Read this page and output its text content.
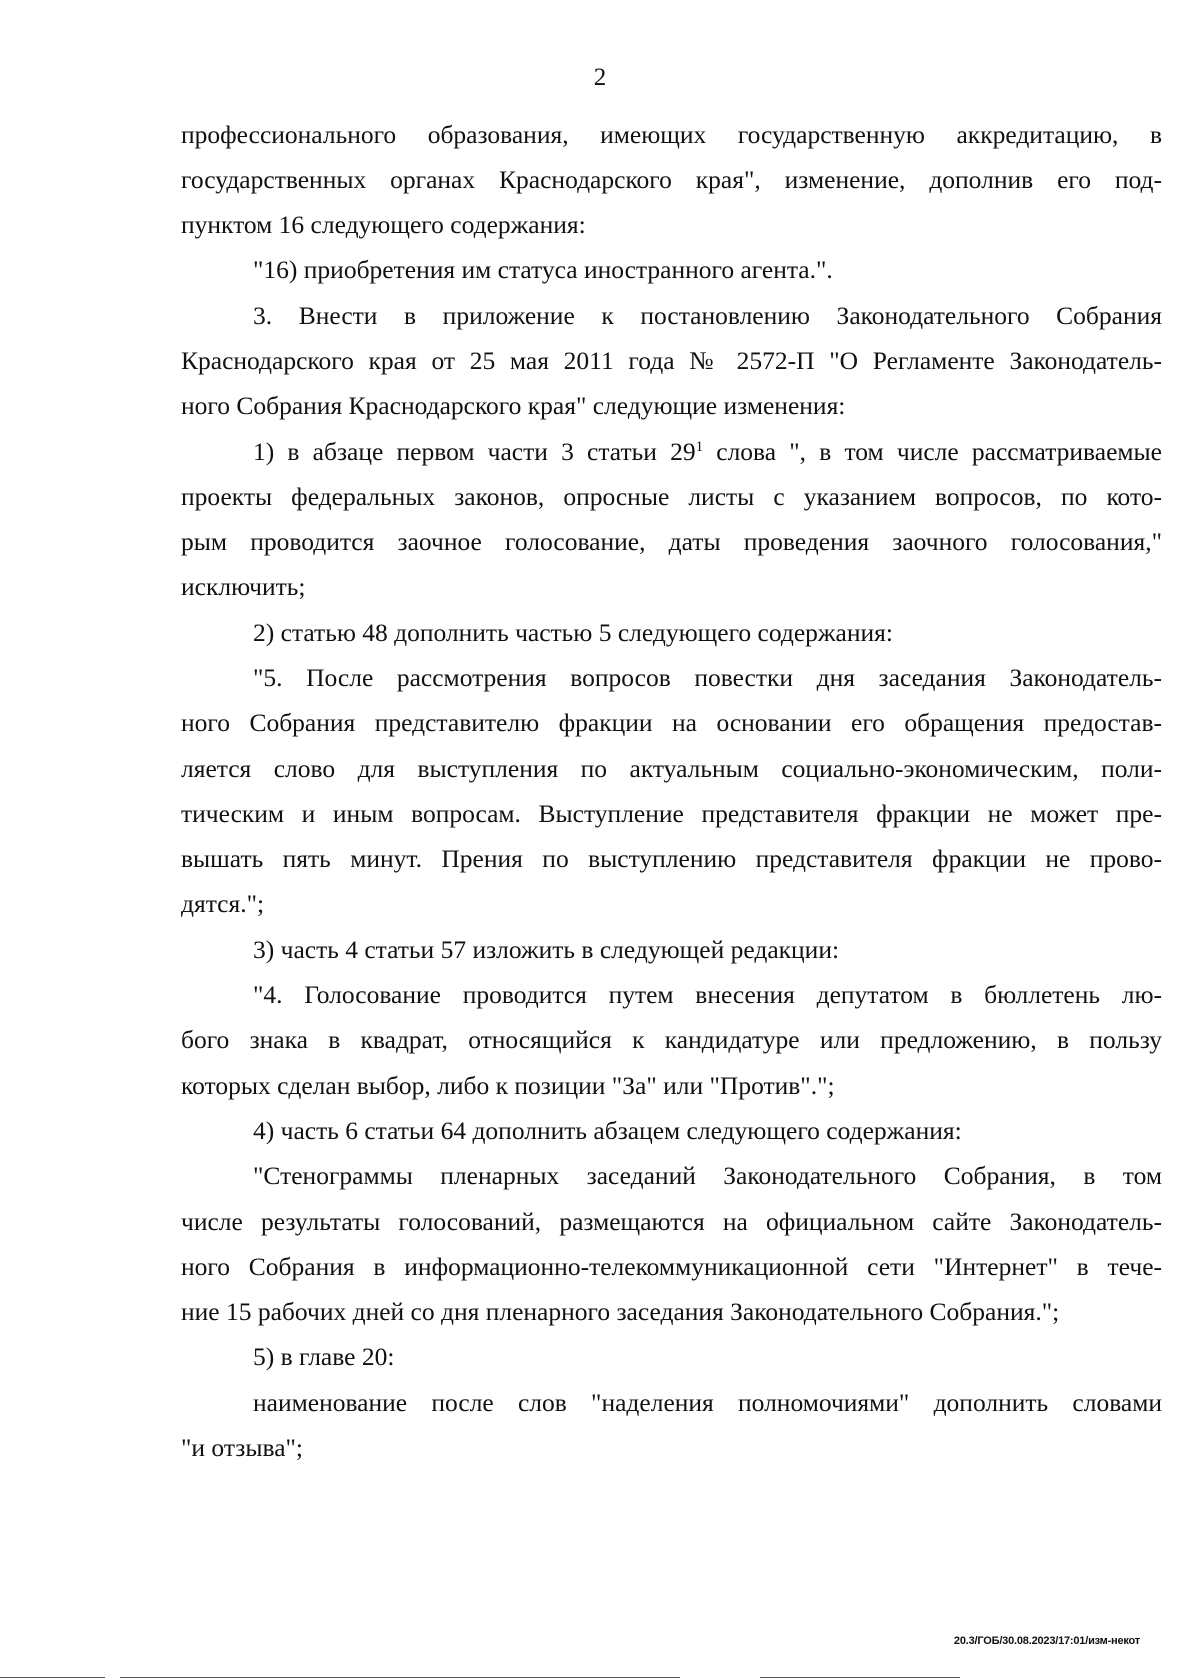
2
профессионального образования, имеющих государственную аккредитацию, в
государственных органах Краснодарского края", изменение, дополнив его под-
пунктом 16 следующего содержания:
"16) приобретения им статуса иностранного агента.".
3. Внести в приложение к постановлению Законодательного Собрания
Краснодарского края от 25 мая 2011 года № 2572-П "О Регламенте Законодатель-
ного Собрания Краснодарского края" следующие изменения:
1) в абзаце первом части 3 статьи $29^1$ слова ", в том числе рассматриваемые
проекты федеральных законов, опросные листы с указанием вопросов, по кото-
рым проводится заочное голосование, даты проведения заочного голосования,"
исключить;
2) статью 48 дополнить частью 5 следующего содержания:
"5. После рассмотрения вопросов повестки дня заседания Законодатель-
ного Собрания представителю фракции на основании его обращения предостав-
ляется слово для выступления по актуальным социально-экономическим, поли-
тическим и иным вопросам. Выступление представителя фракции не может пре-
вышать пять минут. Прения по выступлению представителя фракции не прово-
дятся.";
3) часть 4 статьи 57 изложить в следующей редакции:
"4. Голосование проводится путем внесения депутатом в бюллетень лю-
бого знака в квадрат, относящийся к кандидатуре или предложению, в пользу
которых сделан выбор, либо к позиции "За" или "Против".";
4) часть 6 статьи 64 дополнить абзацем следующего содержания:
"Стенограммы пленарных заседаний Законодательного Собрания, в том
числе результаты голосований, размещаются на официальном сайте Законодатель-
ного Собрания в информационно-телекоммуникационной сети "Интернет" в тече-
ние 15 рабочих дней со дня пленарного заседания Законодательного Собрания.";
5) в главе 20:
наименование после слов "наделения полномочиями" дополнить словами
"и отзыва";
20.3/ГОБ/30.08.2023/17:01/изм-некот
